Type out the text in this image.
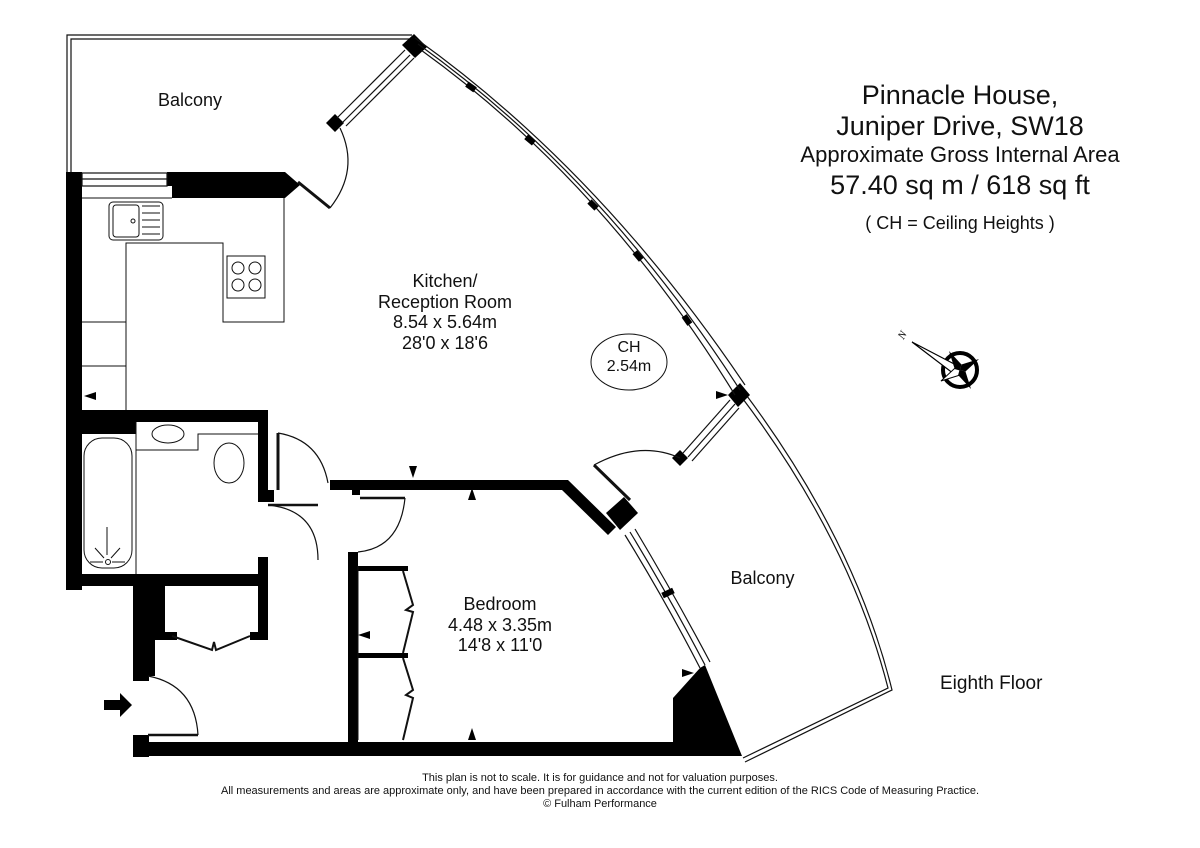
N
Pinnacle House,
Juniper Drive, SW18
Approximate Gross Internal Area
57.40 sq m / 618 sq ft
( CH = Ceiling Heights )
Balcony
Kitchen/
Reception Room
8.54 x 5.64m
28'0 x 18'6	CH
2.54m
Bedroom
4.48 x 3.35m
14'8 x 11'0
Balcony
Eighth Floor
This plan is not to scale. It is for guidance and not for valuation purposes.
All measurements and areas are approximate only, and have been prepared in accordance with the current edition of the RICS Code of Measuring Practice.
© Fulham Performance
